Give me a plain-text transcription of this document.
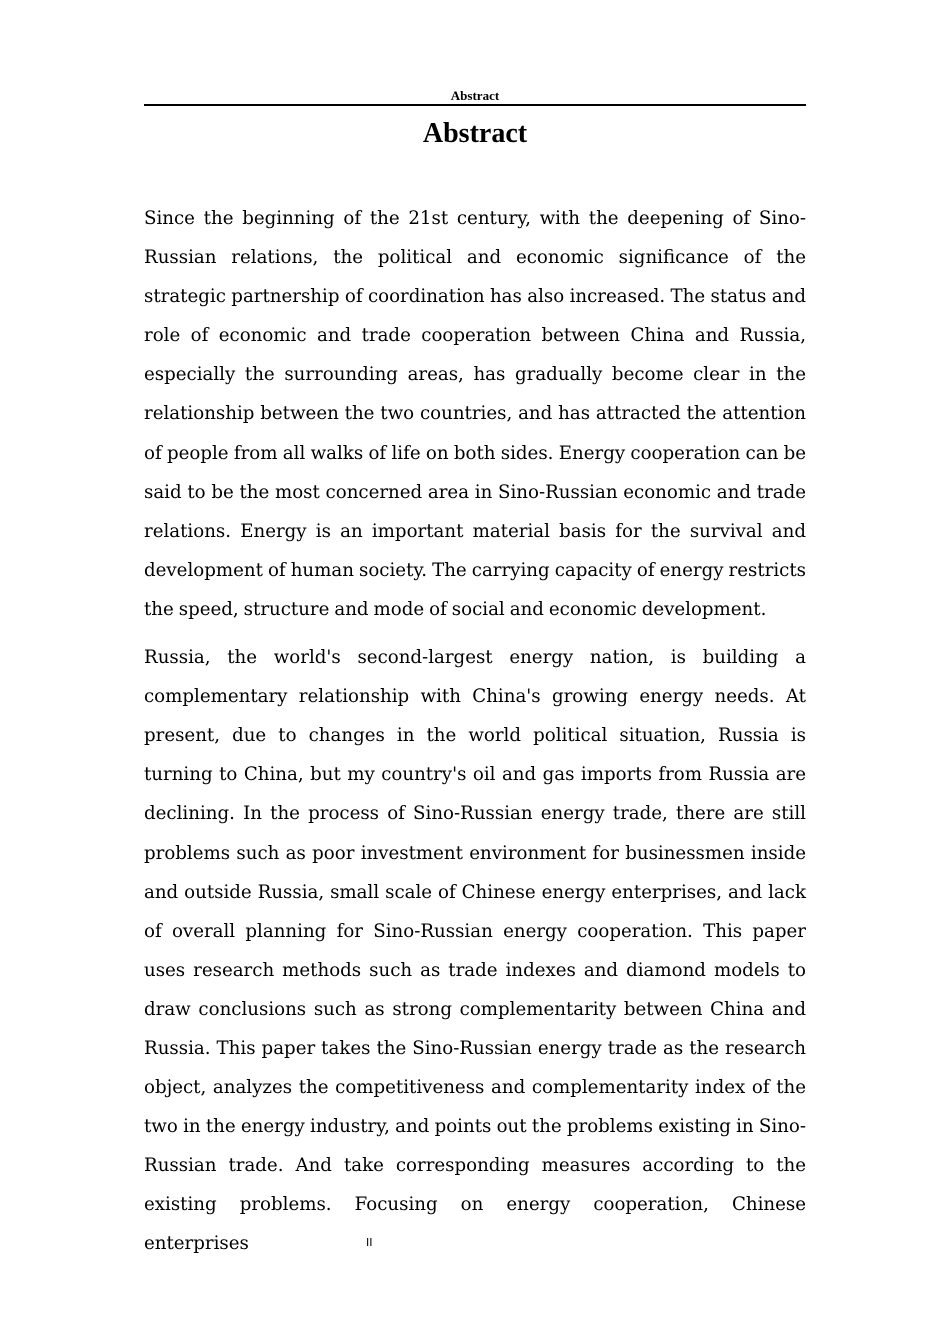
Abstract
Abstract

Since the beginning of the 21st century, with the deepening of Sino-Russian relations, the political and economic significance of the strategic partnership of coordination has also increased. The status and role of economic and trade cooperation between China and Russia, especially the surrounding areas, has gradually become clear in the relationship between the two countries, and has attracted the attention of people from all walks of life on both sides. Energy cooperation can be said to be the most concerned area in Sino-Russian economic and trade relations. Energy is an important material basis for the survival and development of human society. The carrying capacity of energy restricts the speed, structure and mode of social and economic development.

Russia, the world's second-largest energy nation, is building a complementary relationship with China's growing energy needs. At present, due to changes in the world political situation, Russia is turning to China, but my country's oil and gas imports from Russia are declining. In the process of Sino-Russian energy trade, there are still problems such as poor investment environment for businessmen inside and outside Russia, small scale of Chinese energy enterprises, and lack of overall planning for Sino-Russian energy cooperation. This paper uses research methods such as trade indexes and diamond models to draw conclusions such as strong complementarity between China and Russia. This paper takes the Sino-Russian energy trade as the research object, analyzes the competitiveness and complementarity index of the two in the energy industry, and points out the problems existing in Sino-Russian trade. And take corresponding measures according to the existing problems. Focusing on energy cooperation, Chinese enterprises	II
